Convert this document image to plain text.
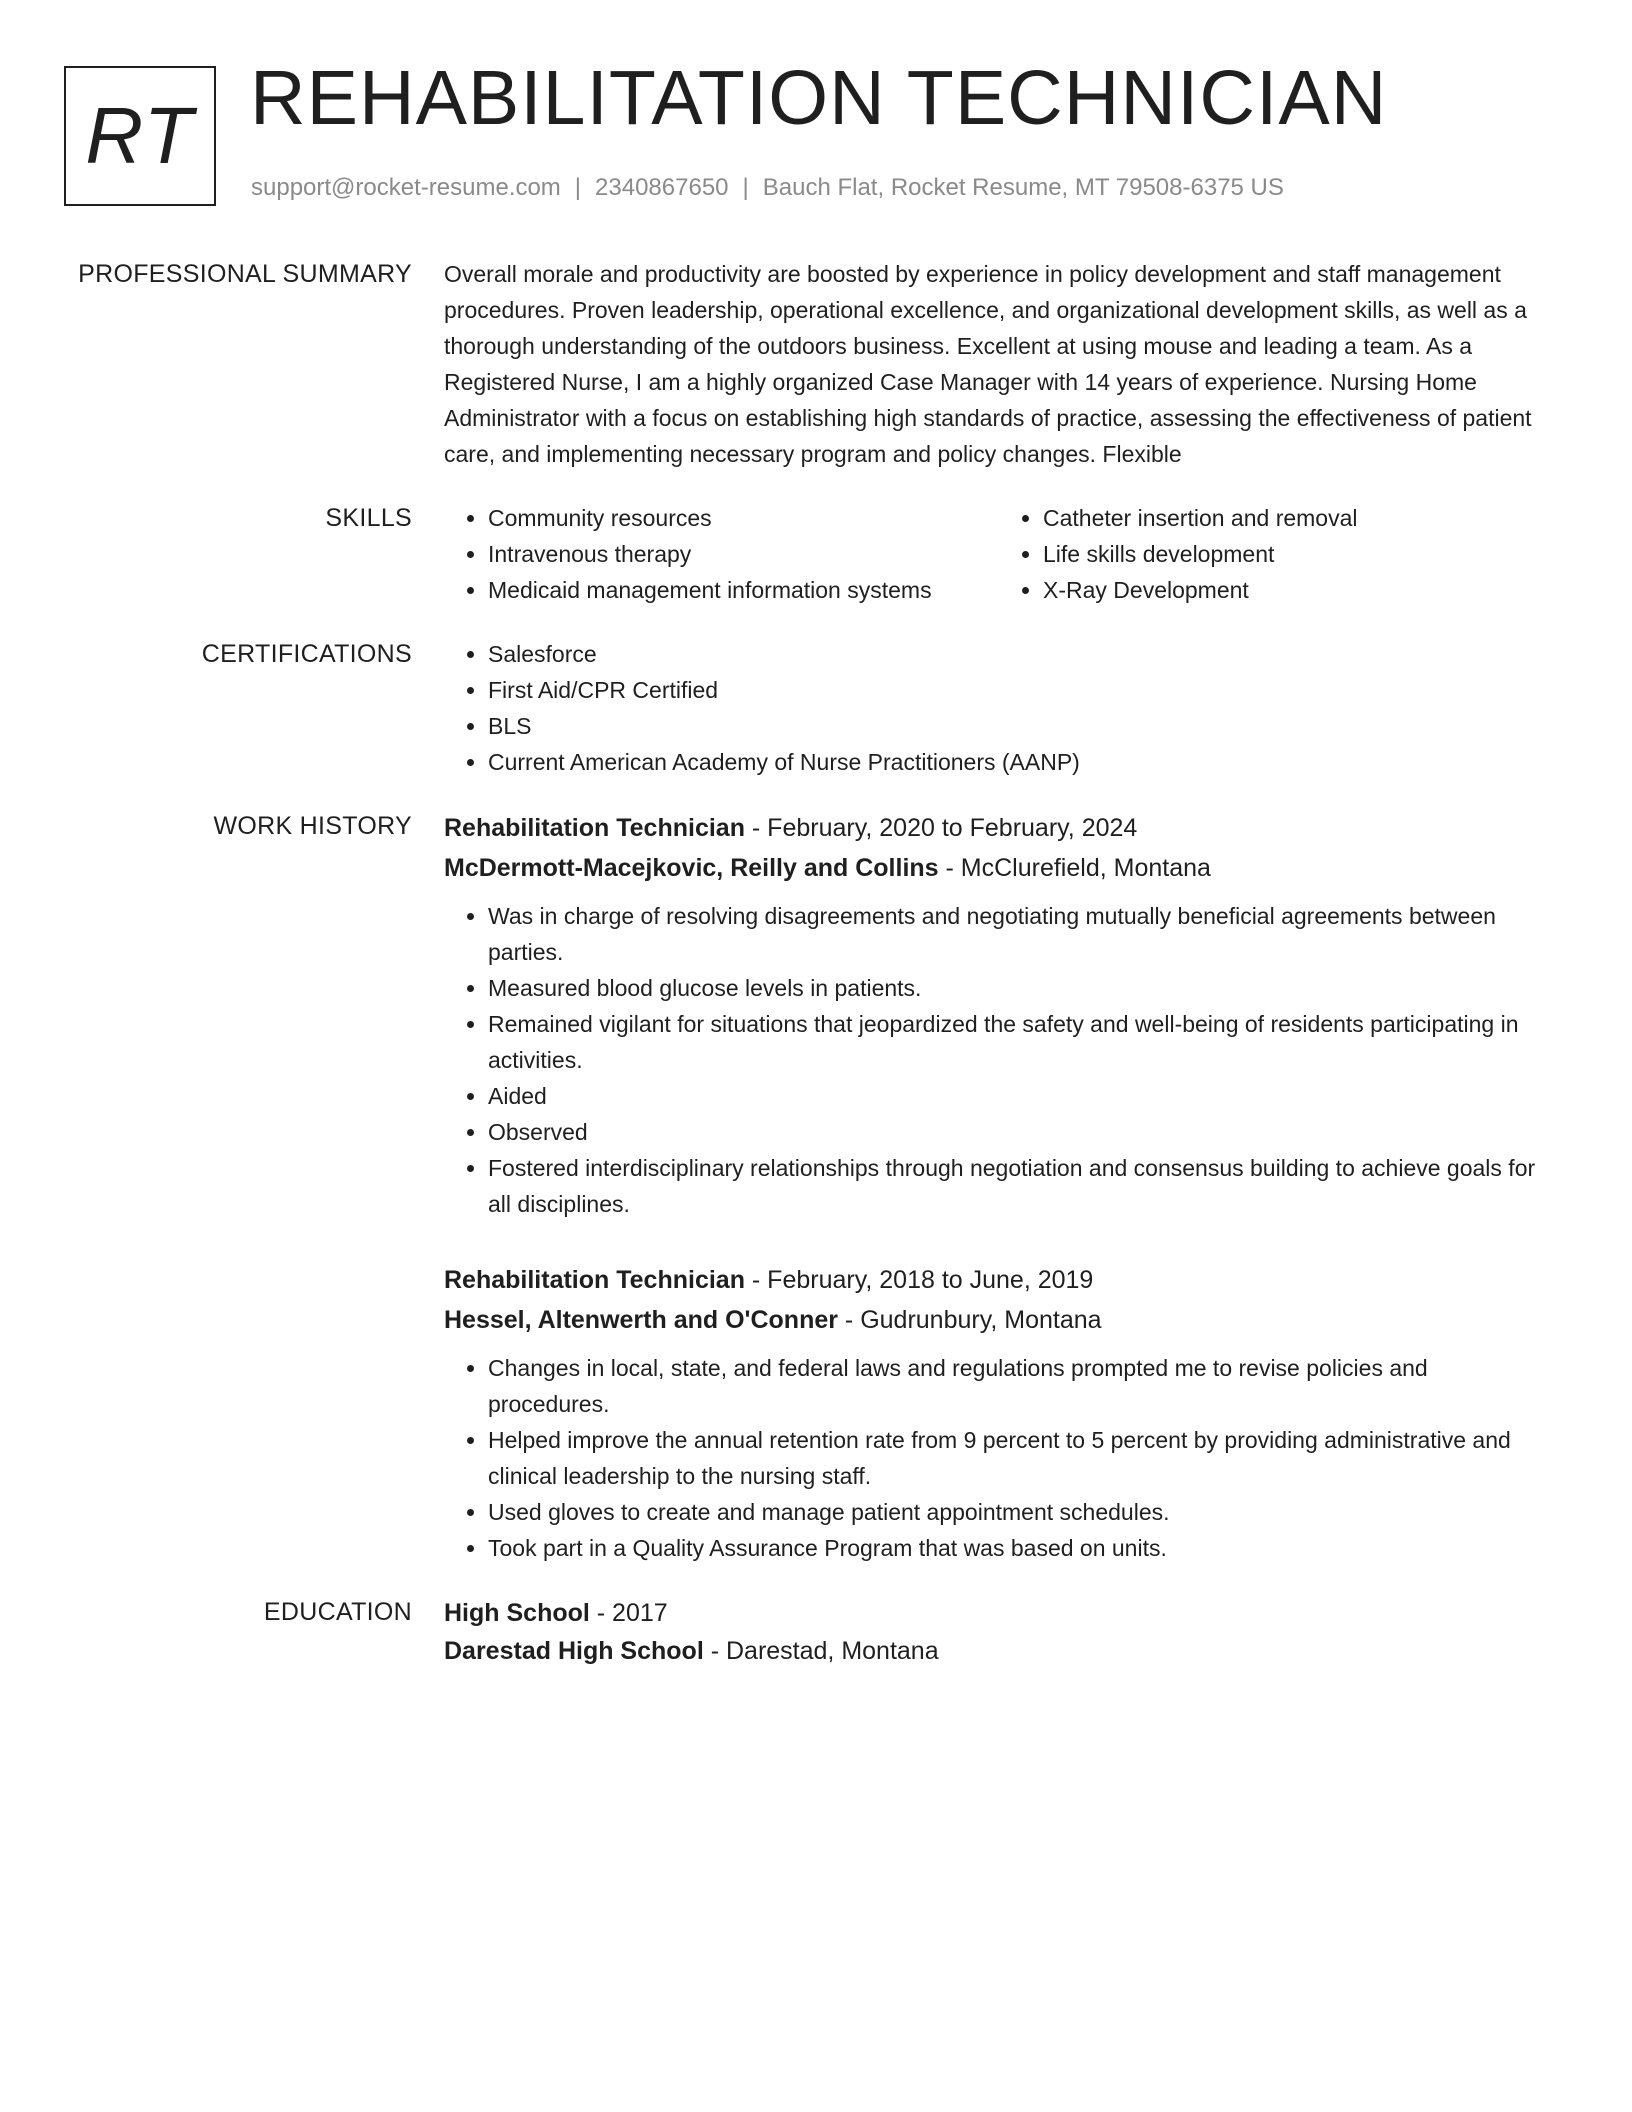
RT REHABILITATION TECHNICIAN
support@rocket-resume.com | 2340867650 | Bauch Flat, Rocket Resume, MT 79508-6375 US
PROFESSIONAL SUMMARY Overall morale and productivity are boosted by experience in policy development and staff management procedures. Proven leadership, operational excellence, and organizational development skills, as well as a thorough understanding of the outdoors business. Excellent at using mouse and leading a team. As a Registered Nurse, I am a highly organized Case Manager with 14 years of experience. Nursing Home Administrator with a focus on establishing high standards of practice, assessing the effectiveness of patient care, and implementing necessary program and policy changes. Flexible

SKILLS	• Community resources
• Intravenous therapy
• Medicaid management information systems
• Catheter insertion and removal
• Life skills development
• X-Ray Development
CERTIFICATIONS	• Salesforce
• First Aid/CPR Certified
• BLS
• Current American Academy of Nurse Practitioners (AANP)
WORK HISTORY Rehabilitation Technician - February, 2020 to February, 2024
McDermott-Macejkovic, Reilly and Collins - McClurefield, Montana
• Was in charge of resolving disagreements and negotiating mutually beneficial agreements between parties.
• Measured blood glucose levels in patients.
• Remained vigilant for situations that jeopardized the safety and well-being of residents participating in activities.
• Aided
• Observed
• Fostered interdisciplinary relationships through negotiation and consensus building to achieve goals for all disciplines.
Rehabilitation Technician - February, 2018 to June, 2019
Hessel, Altenwerth and O'Conner - Gudrunbury, Montana
• Changes in local, state, and federal laws and regulations prompted me to revise policies and procedures.
• Helped improve the annual retention rate from 9 percent to 5 percent by providing administrative and clinical leadership to the nursing staff.
• Used gloves to create and manage patient appointment schedules.
• Took part in a Quality Assurance Program that was based on units.
EDUCATION High School - 2017
Darestad High School - Darestad, Montana
